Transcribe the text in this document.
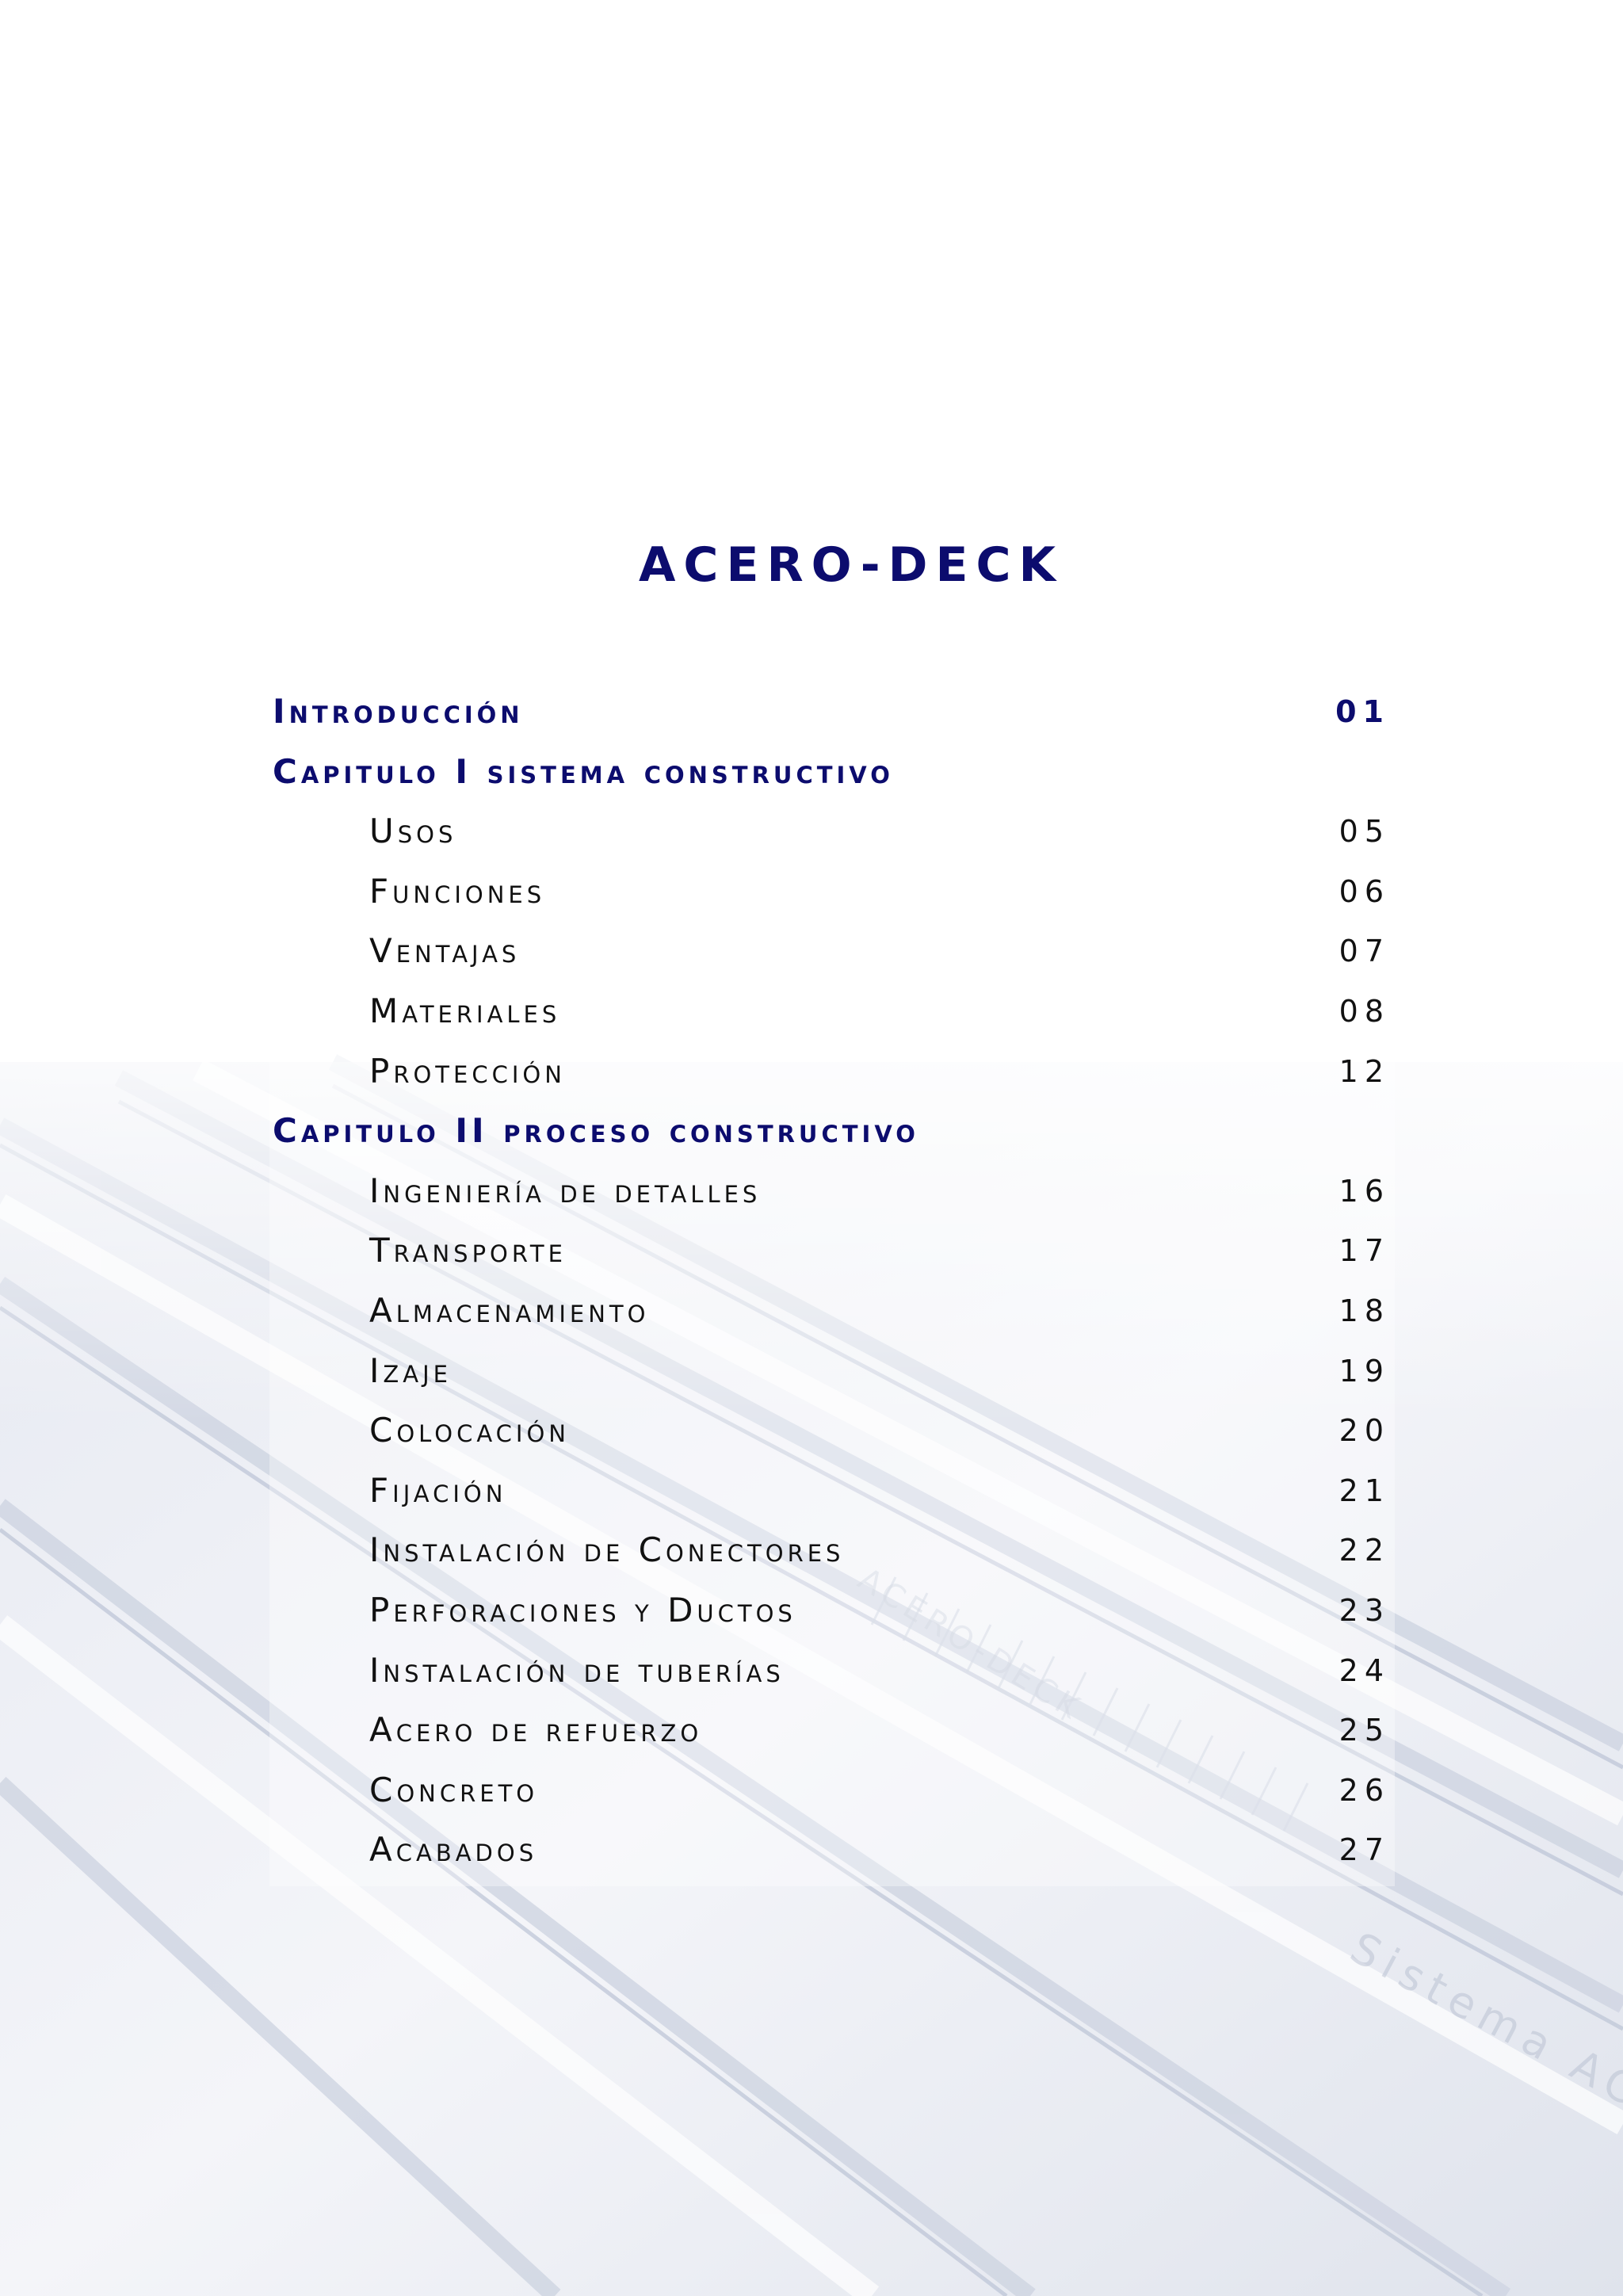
ACERO-DECK
Introducción	01
Capitulo I sistema constructivo
Usos	05
Funciones	06
Ventajas	07
Materiales	08
Protección	12
Capitulo II proceso constructivo
Ingeniería de detalles	16
Transporte	17
Almacenamiento	18
Izaje	19
Colocación	20
Fijación	21
Instalación de Conectores	22
Perforaciones y Ductos	23
Instalación de tuberías	24
Acero de refuerzo	25
Concreto	26
Acabados	27
